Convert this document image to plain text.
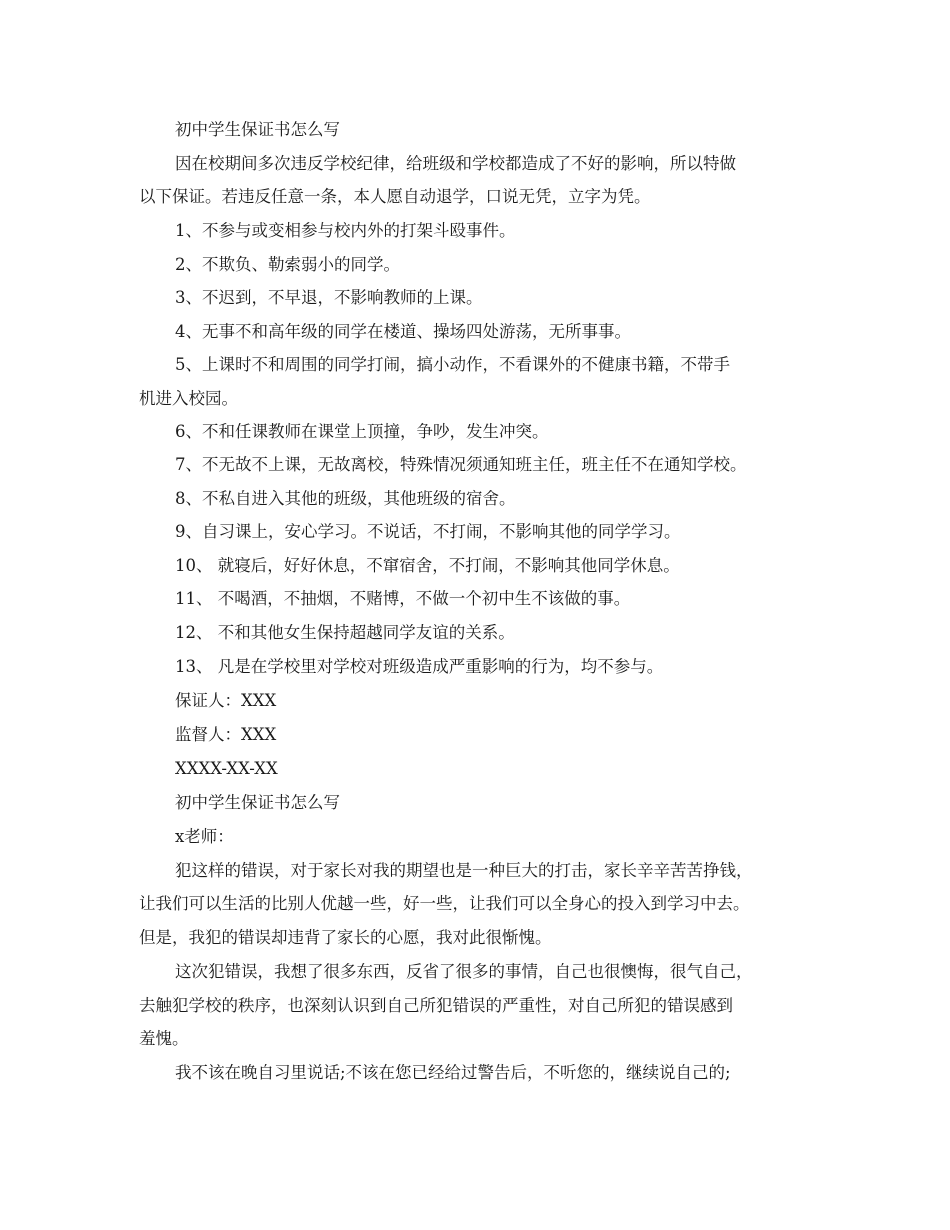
初中学生保证书怎么写
因在校期间多次违反学校纪律，给班级和学校都造成了不好的影响，所以特做
以下保证。若违反任意一条，本人愿自动退学，口说无凭，立字为凭。
1、不参与或变相参与校内外的打架斗殴事件。
2、不欺负、勒索弱小的同学。
3、不迟到，不早退，不影响教师的上课。
4、无事不和高年级的同学在楼道、操场四处游荡，无所事事。
5、上课时不和周围的同学打闹，搞小动作，不看课外的不健康书籍，不带手
机进入校园。
6、不和任课教师在课堂上顶撞，争吵，发生冲突。
7、不无故不上课，无故离校，特殊情况须通知班主任，班主任不在通知学校。
8、不私自进入其他的班级，其他班级的宿舍。
9、自习课上，安心学习。不说话，不打闹，不影响其他的同学学习。
10、 就寝后，好好休息，不窜宿舍，不打闹，不影响其他同学休息。
11、 不喝酒，不抽烟，不赌博，不做一个初中生不该做的事。
12、 不和其他女生保持超越同学友谊的关系。
13、 凡是在学校里对学校对班级造成严重影响的行为，均不参与。
保证人：XXX
监督人：XXX
XXXX-XX-XX
初中学生保证书怎么写
x老师：
犯这样的错误，对于家长对我的期望也是一种巨大的打击，家长辛辛苦苦挣钱，
让我们可以生活的比别人优越一些，好一些，让我们可以全身心的投入到学习中去。
但是，我犯的错误却违背了家长的心愿，我对此很惭愧。
这次犯错误，我想了很多东西，反省了很多的事情，自己也很懊悔，很气自己，
去触犯学校的秩序，也深刻认识到自己所犯错误的严重性，对自己所犯的错误感到
羞愧。
我不该在晚自习里说话;不该在您已经给过警告后，不听您的，继续说自己的;
